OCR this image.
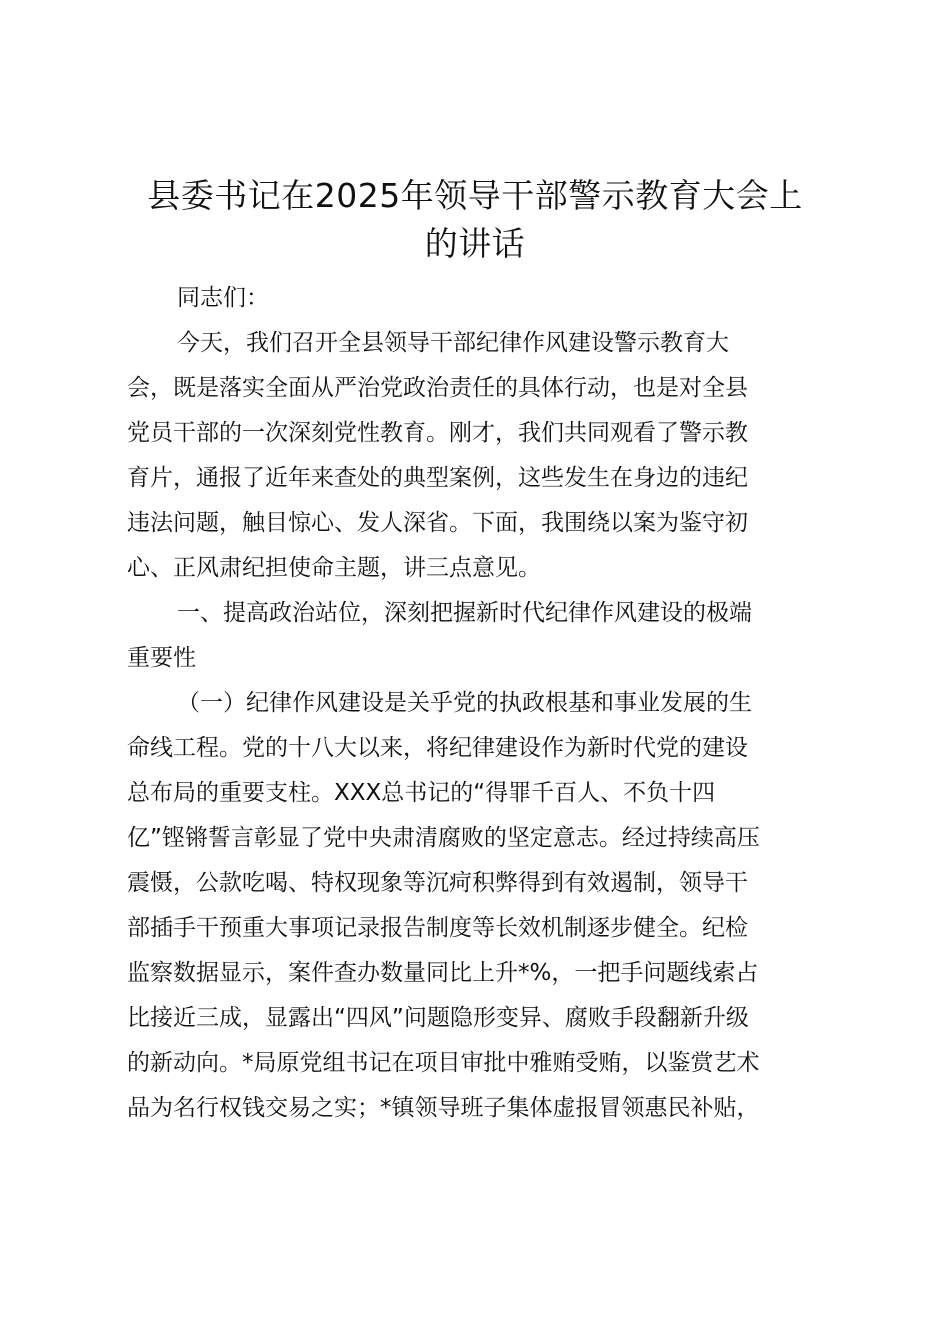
县委书记在2025年领导干部警示教育大会上
的讲话
同志们：
今天，我们召开全县领导干部纪律作风建设警示教育大
会，既是落实全面从严治党政治责任的具体行动，也是对全县
党员干部的一次深刻党性教育。刚才，我们共同观看了警示教
育片，通报了近年来查处的典型案例，这些发生在身边的违纪
违法问题，触目惊心、发人深省。下面，我围绕以案为鉴守初
心、正风肃纪担使命主题，讲三点意见。
一、提高政治站位，深刻把握新时代纪律作风建设的极端
重要性
（一）纪律作风建设是关乎党的执政根基和事业发展的生
命线工程。党的十八大以来，将纪律建设作为新时代党的建设
总布局的重要支柱。XXX总书记的“得罪千百人、不负十四
亿”铿锵誓言彰显了党中央肃清腐败的坚定意志。经过持续高压
震慑，公款吃喝、特权现象等沉疴积弊得到有效遏制，领导干
部插手干预重大事项记录报告制度等长效机制逐步健全。纪检
监察数据显示，案件查办数量同比上升*%，一把手问题线索占
比接近三成，显露出“四风”问题隐形变异、腐败手段翻新升级
的新动向。*局原党组书记在项目审批中雅贿受贿，以鉴赏艺术
品为名行权钱交易之实；*镇领导班子集体虚报冒领惠民补贴，
